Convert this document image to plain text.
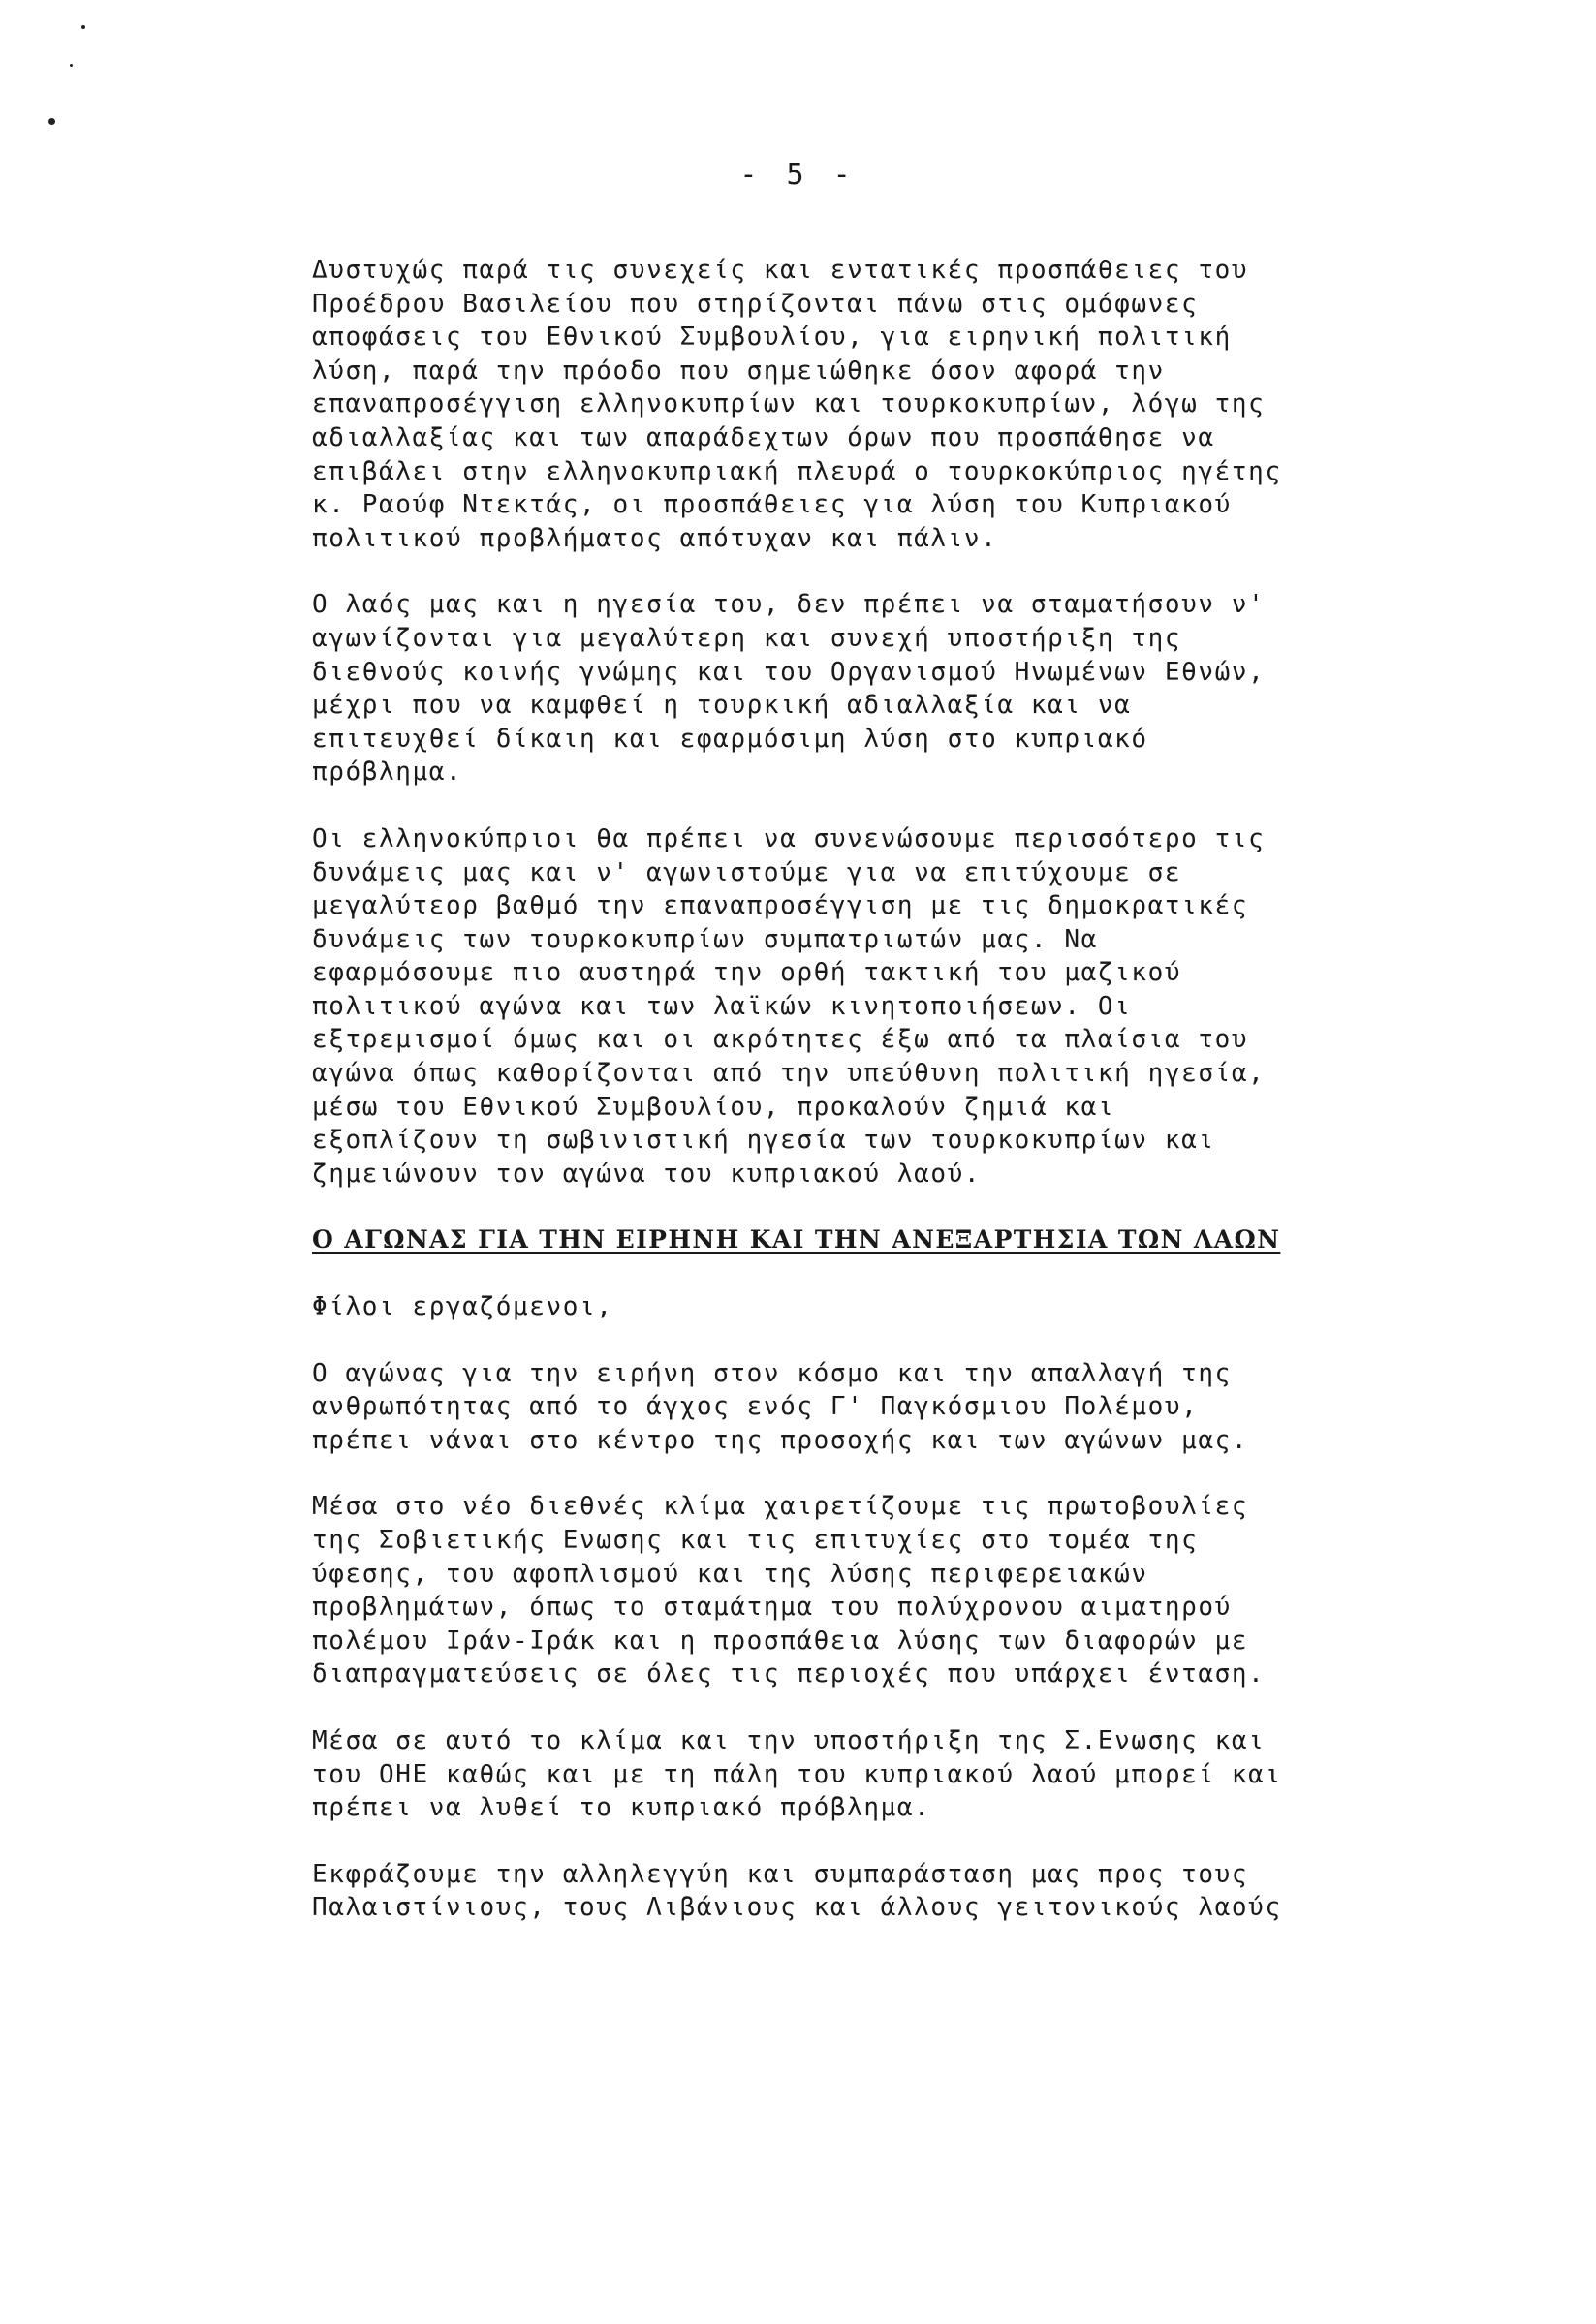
- 5 -
Δυστυχώς παρά τις συνεχείς και εντατικές προσπάθειες του
Προέδρου Βασιλείου που στηρίζονται πάνω στις ομόφωνες
αποφάσεις του Εθνικού Συμβουλίου, για ειρηνική πολιτική
λύση, παρά την πρόοδο που σημειώθηκε όσον αφορά την
επαναπροσέγγιση ελληνοκυπρίων και τουρκοκυπρίων, λόγω της
αδιαλλαξίας και των απαράδεχτων όρων που προσπάθησε να
επιβάλει στην ελληνοκυπριακή πλευρά ο τουρκοκύπριος ηγέτης
κ. Ραούφ Ντεκτάς, οι προσπάθειες για λύση του Κυπριακού
πολιτικού προβλήματος απότυχαν και πάλιν.
Ο λαός μας και η ηγεσία του, δεν πρέπει να σταματήσουν ν'
αγωνίζονται για μεγαλύτερη και συνεχή υποστήριξη της
διεθνούς κοινής γνώμης και του Οργανισμού Ηνωμένων Εθνών,
μέχρι που να καμφθεί η τουρκική αδιαλλαξία και να
επιτευχθεί δίκαιη και εφαρμόσιμη λύση στο κυπριακό
πρόβλημα.
Οι ελληνοκύπριοι θα πρέπει να συνενώσουμε περισσότερο τις
δυνάμεις μας και ν' αγωνιστούμε για να επιτύχουμε σε
μεγαλύτεορ βαθμό την επαναπροσέγγιση με τις δημοκρατικές
δυνάμεις των τουρκοκυπρίων συμπατριωτών μας. Να
εφαρμόσουμε πιο αυστηρά την ορθή τακτική του μαζικού
πολιτικού αγώνα και των λαϊκών κινητοποιήσεων. Οι
εξτρεμισμοί όμως και οι ακρότητες έξω από τα πλαίσια του
αγώνα όπως καθορίζονται από την υπεύθυνη πολιτική ηγεσία,
μέσω του Εθνικού Συμβουλίου, προκαλούν ζημιά και
εξοπλίζουν τη σωβινιστική ηγεσία των τουρκοκυπρίων και
ζημειώνουν τον αγώνα του κυπριακού λαού.
Ο ΑΓΩΝΑΣ ΓΙΑ ΤΗΝ ΕΙΡΗΝΗ ΚΑΙ ΤΗΝ ΑΝΕΞΑΡΤΗΣΙΑ ΤΩΝ ΛΑΩΝ
Φίλοι εργαζόμενοι,
Ο αγώνας για την ειρήνη στον κόσμο και την απαλλαγή της
ανθρωπότητας από το άγχος ενός Γ' Παγκόσμιου Πολέμου,
πρέπει νάναι στο κέντρο της προσοχής και των αγώνων μας.
Μέσα στο νέο διεθνές κλίμα χαιρετίζουμε τις πρωτοβουλίες
της Σοβιετικής Ενωσης και τις επιτυχίες στο τομέα της
ύφεσης, του αφοπλισμού και της λύσης περιφερειακών
προβλημάτων, όπως το σταμάτημα του πολύχρονου αιματηρού
πολέμου Ιράν-Ιράκ και η προσπάθεια λύσης των διαφορών με
διαπραγματεύσεις σε όλες τις περιοχές που υπάρχει ένταση.
Μέσα σε αυτό το κλίμα και την υποστήριξη της Σ.Ενωσης και
του ΟΗΕ καθώς και με τη πάλη του κυπριακού λαού μπορεί και
πρέπει να λυθεί το κυπριακό πρόβλημα.
Εκφράζουμε την αλληλεγγύη και συμπαράσταση μας προς τους
Παλαιστίνιους, τους Λιβάνιους και άλλους γειτονικούς λαούς
